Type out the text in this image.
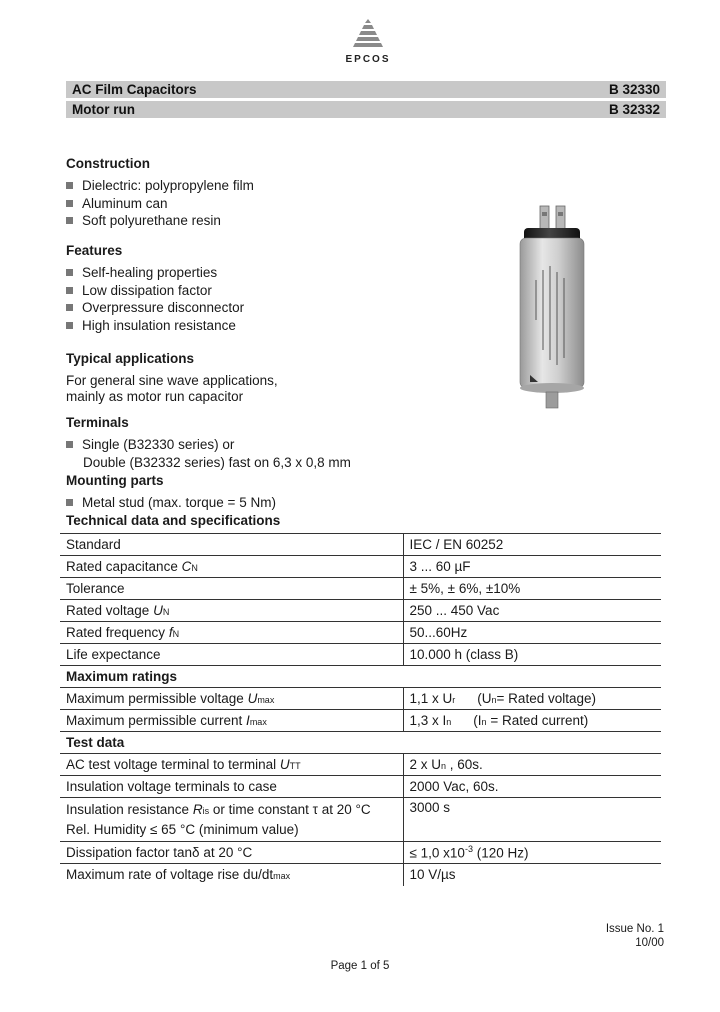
EPCOS
AC Film Capacitors	B 32330
Motor run	B 32332
Construction
Dielectric: polypropylene film
Aluminum can
Soft polyurethane resin
Features
Self-healing properties
Low dissipation factor
Overpressure disconnector
High insulation resistance
Typical applications
For general sine wave applications,
mainly as motor run capacitor
Terminals
Single (B32330 series) or
Double (B32332 series) fast on 6,3 x 0,8 mm
Mounting parts
Metal stud (max. torque = 5 Nm)
Technical data and specifications
Standard	IEC / EN 60252
Rated capacitance CN	3 ... 60 µF
Tolerance	± 5%, ± 6%, ±10%
Rated voltage UN	250 ... 450 Vac
Rated frequency fN	50...60Hz
Life expectance	10.000 h (class B)
Maximum ratings	
Maximum permissible voltage Umax	1,1 x Ur (Un= Rated voltage)
Maximum permissible current Imax	1,3 x In (In = Rated current)
Test data	
AC test voltage terminal to terminal UTT	2 x Un , 60s.
Insulation voltage terminals to case	2000 Vac, 60s.

Insulation resistance Ris or time constant τ at 20 °C
Rel. Humidity ≤ 65 °C (minimum value)	3000 s
Dissipation factor tanδ at 20 °C	≤ 1,0 $x10^{-3}$ (120 Hz)
Maximum rate of voltage rise du/dtmax	10 V/µs
Issue No. 1
10/00
Page 1 of 5
